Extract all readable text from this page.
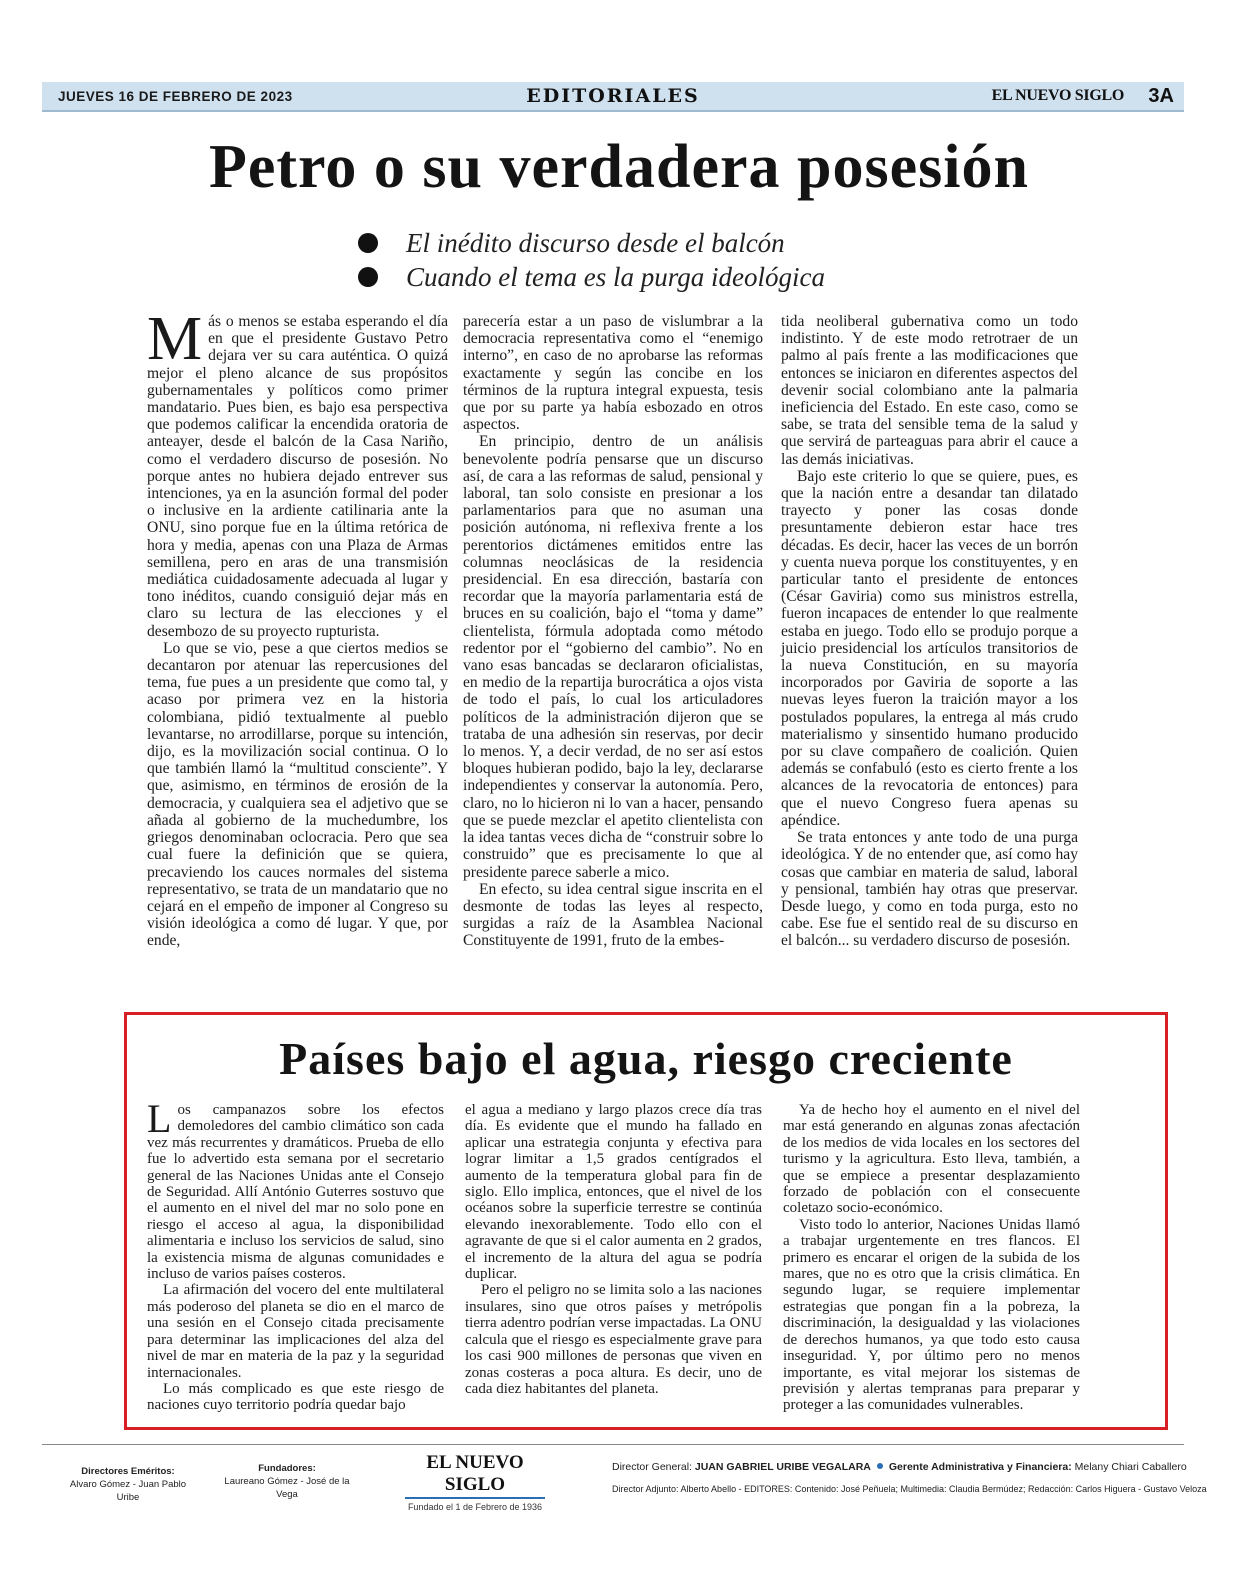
JUEVES 16 DE FEBRERO DE 2023	EDITORIALES	EL NUEVO SIGLO 3A
Petro o su verdadera posesión
El inédito discurso desde el balcón
Cuando el tema es la purga ideológica

Más o menos se estaba esperando el día en que el presidente Gustavo Petro dejara ver su cara auténtica. O quizá mejor el pleno alcance de sus propósitos gubernamentales y políticos como primer mandatario. Pues bien, es bajo esa perspectiva que podemos calificar la encendida oratoria de anteayer, desde el balcón de la Casa Nariño, como el verdadero discurso de posesión. No porque antes no hubiera dejado entrever sus intenciones, ya en la asunción formal del poder o inclusive en la ardiente catilinaria ante la ONU, sino porque fue en la última retórica de hora y media, apenas con una Plaza de Armas semillena, pero en aras de una transmisión mediática cuidadosamente adecuada al lugar y tono inéditos, cuando consiguió dejar más en claro su lectura de las elecciones y el desembozo de su proyecto rupturista.

Lo que se vio, pese a que ciertos medios se decantaron por atenuar las repercusiones del tema, fue pues a un presidente que como tal, y acaso por primera vez en la historia colombiana, pidió textualmente al pueblo levantarse, no arrodillarse, porque su intención, dijo, es la movilización social continua. O lo que también llamó la “multitud consciente”. Y que, asimismo, en términos de erosión de la democracia, y cualquiera sea el adjetivo que se añada al gobierno de la muchedumbre, los griegos denominaban oclocracia. Pero que sea cual fuere la definición que se quiera, precaviendo los cauces normales del sistema representativo, se trata de un mandatario que no cejará en el empeño de imponer al Congreso su visión ideológica a como dé lugar. Y que, por ende,

parecería estar a un paso de vislumbrar a la democracia representativa como el “enemigo interno”, en caso de no aprobarse las reformas exactamente y según las concibe en los términos de la ruptura integral expuesta, tesis que por su parte ya había esbozado en otros aspectos.

En principio, dentro de un análisis benevolente podría pensarse que un discurso así, de cara a las reformas de salud, pensional y laboral, tan solo consiste en presionar a los parlamentarios para que no asuman una posición autónoma, ni reflexiva frente a los perentorios dictámenes emitidos entre las columnas neoclásicas de la residencia presidencial. En esa dirección, bastaría con recordar que la mayoría parlamentaria está de bruces en su coalición, bajo el “toma y dame” clientelista, fórmula adoptada como método redentor por el “gobierno del cambio”. No en vano esas bancadas se declararon oficialistas, en medio de la repartija burocrática a ojos vista de todo el país, lo cual los articuladores políticos de la administración dijeron que se trataba de una adhesión sin reservas, por decir lo menos. Y, a decir verdad, de no ser así estos bloques hubieran podido, bajo la ley, declararse independientes y conservar la autonomía. Pero, claro, no lo hicieron ni lo van a hacer, pensando que se puede mezclar el apetito clientelista con la idea tantas veces dicha de “construir sobre lo construido” que es precisamente lo que al presidente parece saberle a mico.

En efecto, su idea central sigue inscrita en el desmonte de todas las leyes al respecto, surgidas a raíz de la Asamblea Nacional Constituyente de 1991, fruto de la embes-

tida neoliberal gubernativa como un todo indistinto. Y de este modo retrotraer de un palmo al país frente a las modificaciones que entonces se iniciaron en diferentes aspectos del devenir social colombiano ante la palmaria ineficiencia del Estado. En este caso, como se sabe, se trata del sensible tema de la salud y que servirá de parteaguas para abrir el cauce a las demás iniciativas.

Bajo este criterio lo que se quiere, pues, es que la nación entre a desandar tan dilatado trayecto y poner las cosas donde presuntamente debieron estar hace tres décadas. Es decir, hacer las veces de un borrón y cuenta nueva porque los constituyentes, y en particular tanto el presidente de entonces (César Gaviria) como sus ministros estrella, fueron incapaces de entender lo que realmente estaba en juego. Todo ello se produjo porque a juicio presidencial los artículos transitorios de la nueva Constitución, en su mayoría incorporados por Gaviria de soporte a las nuevas leyes fueron la traición mayor a los postulados populares, la entrega al más crudo materialismo y sinsentido humano producido por su clave compañero de coalición. Quien además se confabuló (esto es cierto frente a los alcances de la revocatoria de entonces) para que el nuevo Congreso fuera apenas su apéndice.

Se trata entonces y ante todo de una purga ideológica. Y de no entender que, así como hay cosas que cambiar en materia de salud, laboral y pensional, también hay otras que preservar. Desde luego, y como en toda purga, esto no cabe. Ese fue el sentido real de su discurso en el balcón... su verdadero discurso de posesión.

Países bajo el agua, riesgo creciente

Los campanazos sobre los efectos demoledores del cambio climático son cada vez más recurrentes y dramáticos. Prueba de ello fue lo advertido esta semana por el secretario general de las Naciones Unidas ante el Consejo de Seguridad. Allí António Guterres sostuvo que el aumento en el nivel del mar no solo pone en riesgo el acceso al agua, la disponibilidad alimentaria e incluso los servicios de salud, sino la existencia misma de algunas comunidades e incluso de varios países costeros.

La afirmación del vocero del ente multilateral más poderoso del planeta se dio en el marco de una sesión en el Consejo citada precisamente para determinar las implicaciones del alza del nivel de mar en materia de la paz y la seguridad internacionales.

Lo más complicado es que este riesgo de naciones cuyo territorio podría quedar bajo

el agua a mediano y largo plazos crece día tras día. Es evidente que el mundo ha fallado en aplicar una estrategia conjunta y efectiva para lograr limitar a 1,5 grados centígrados el aumento de la temperatura global para fin de siglo. Ello implica, entonces, que el nivel de los océanos sobre la superficie terrestre se continúa elevando inexorablemente. Todo ello con el agravante de que si el calor aumenta en 2 grados, el incremento de la altura del agua se podría duplicar.

Pero el peligro no se limita solo a las naciones insulares, sino que otros países y metrópolis tierra adentro podrían verse impactadas. La ONU calcula que el riesgo es especialmente grave para los casi 900 millones de personas que viven en zonas costeras a poca altura. Es decir, uno de cada diez habitantes del planeta.

Ya de hecho hoy el aumento en el nivel del mar está generando en algunas zonas afectación de los medios de vida locales en los sectores del turismo y la agricultura. Esto lleva, también, a que se empiece a presentar desplazamiento forzado de población con el consecuente coletazo socio-económico.

Visto todo lo anterior, Naciones Unidas llamó a trabajar urgentemente en tres flancos. El primero es encarar el origen de la subida de los mares, que no es otro que la crisis climática. En segundo lugar, se requiere implementar estrategias que pongan fin a la pobreza, la discriminación, la desigualdad y las violaciones de derechos humanos, ya que todo esto causa inseguridad. Y, por último pero no menos importante, es vital mejorar los sistemas de previsión y alertas tempranas para preparar y proteger a las comunidades vulnerables.

Directores Eméritos:
Alvaro Gómez - Juan Pablo Uribe
Fundadores:
Laureano Gómez - José de la Vega
EL NUEVO SIGLO
Fundado el 1 de Febrero de 1936
Director General: JUAN GABRIEL URIBE VEGALARA Gerente Administrativa y Financiera: Melany Chiari Caballero
Director Adjunto: Alberto Abello - EDITORES: Contenido: José Peñuela; Multimedia: Claudia Bermúdez; Redacción: Carlos Higuera - Gustavo Veloza
